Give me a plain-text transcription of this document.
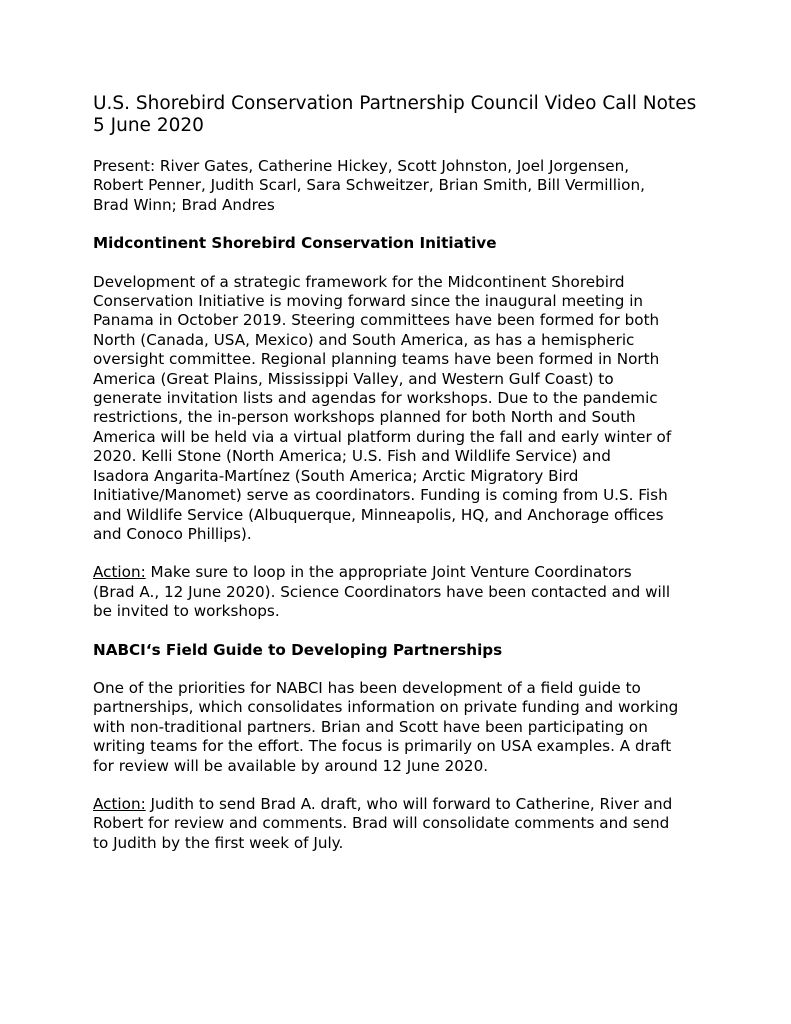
U.S. Shorebird Conservation Partnership Council Video Call Notes
5 June 2020
Present: River Gates, Catherine Hickey, Scott Johnston, Joel Jorgensen,
Robert Penner, Judith Scarl, Sara Schweitzer, Brian Smith, Bill Vermillion,
Brad Winn; Brad Andres
Midcontinent Shorebird Conservation Initiative

Development of a strategic framework for the Midcontinent Shorebird
Conservation Initiative is moving forward since the inaugural meeting in
Panama in October 2019. Steering committees have been formed for both
North (Canada, USA, Mexico) and South America, as has a hemispheric
oversight committee. Regional planning teams have been formed in North
America (Great Plains, Mississippi Valley, and Western Gulf Coast) to
generate invitation lists and agendas for workshops. Due to the pandemic
restrictions, the in-person workshops planned for both North and South
America will be held via a virtual platform during the fall and early winter of
2020. Kelli Stone (North America; U.S. Fish and Wildlife Service) and
Isadora Angarita-Martínez (South America; Arctic Migratory Bird
Initiative/Manomet) serve as coordinators. Funding is coming from U.S. Fish
and Wildlife Service (Albuquerque, Minneapolis, HQ, and Anchorage offices
and Conoco Phillips).

Action: Make sure to loop in the appropriate Joint Venture Coordinators
(Brad A., 12 June 2020). Science Coordinators have been contacted and will
be invited to workshops.

NABCI‘s Field Guide to Developing Partnerships

One of the priorities for NABCI has been development of a field guide to
partnerships, which consolidates information on private funding and working
with non-traditional partners. Brian and Scott have been participating on
writing teams for the effort. The focus is primarily on USA examples. A draft
for review will be available by around 12 June 2020.

Action: Judith to send Brad A. draft, who will forward to Catherine, River and
Robert for review and comments. Brad will consolidate comments and send
to Judith by the first week of July.
